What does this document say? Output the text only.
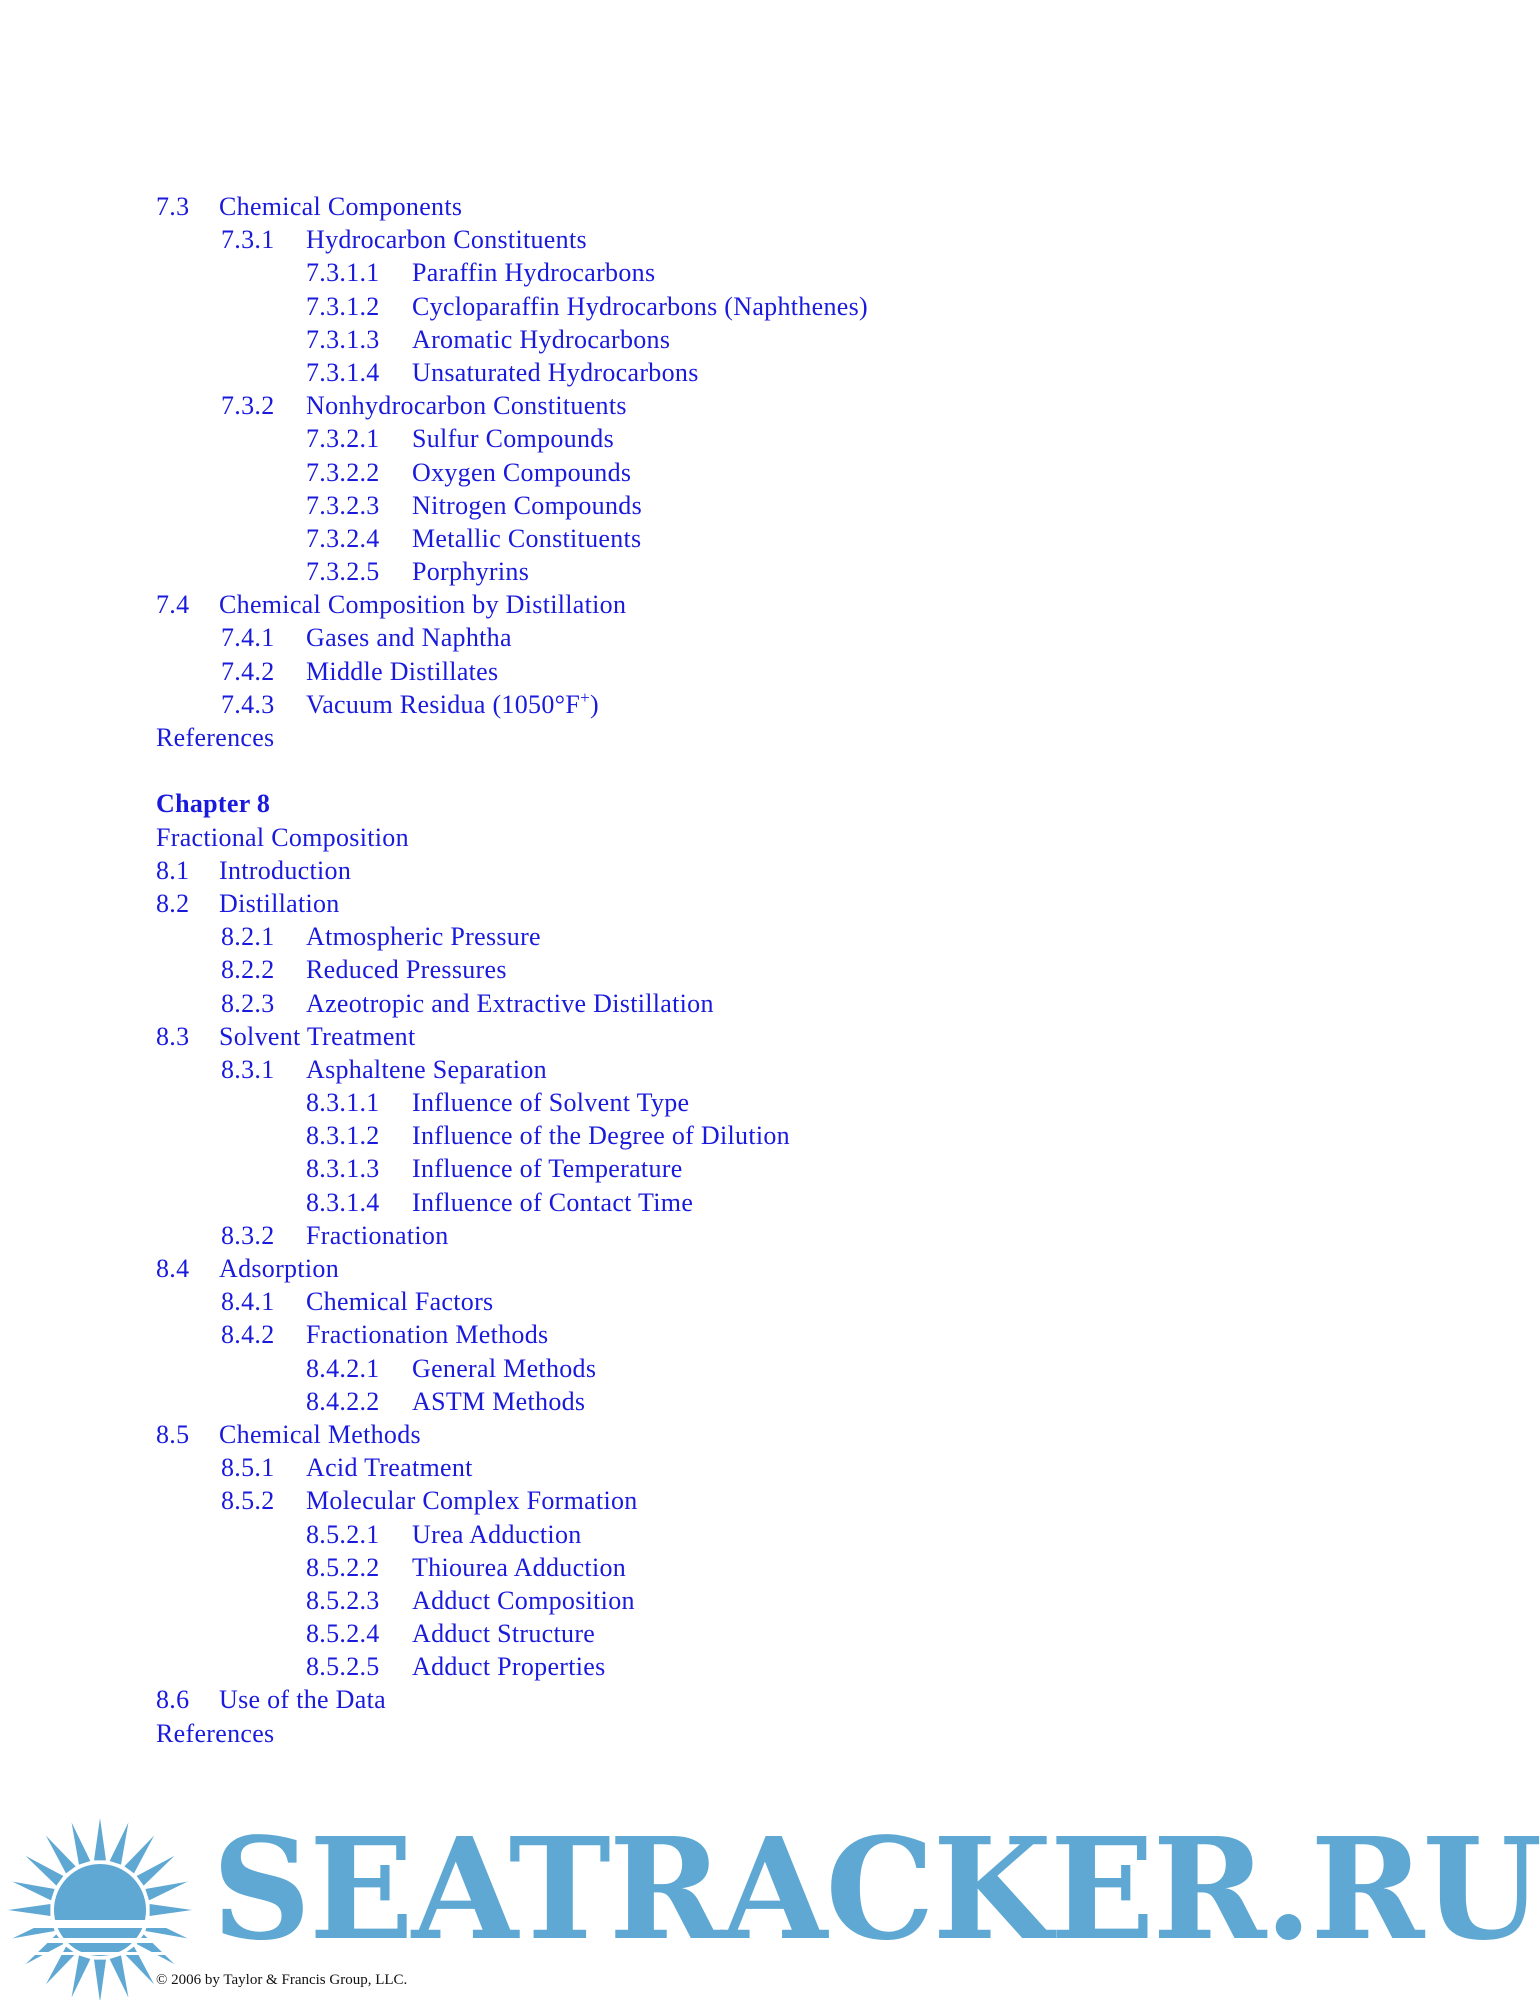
7.3 Chemical Components
7.3.1 Hydrocarbon Constituents
7.3.1.1 Paraffin Hydrocarbons
7.3.1.2 Cycloparaffin Hydrocarbons (Naphthenes)
7.3.1.3 Aromatic Hydrocarbons
7.3.1.4 Unsaturated Hydrocarbons
7.3.2 Nonhydrocarbon Constituents
7.3.2.1 Sulfur Compounds
7.3.2.2 Oxygen Compounds
7.3.2.3 Nitrogen Compounds
7.3.2.4 Metallic Constituents
7.3.2.5 Porphyrins
7.4 Chemical Composition by Distillation
7.4.1 Gases and Naphtha
7.4.2 Middle Distillates
7.4.3 Vacuum Residua (1050°F+)
References
Chapter 8
Fractional Composition
8.1 Introduction
8.2 Distillation
8.2.1 Atmospheric Pressure
8.2.2 Reduced Pressures
8.2.3 Azeotropic and Extractive Distillation
8.3 Solvent Treatment
8.3.1 Asphaltene Separation
8.3.1.1 Influence of Solvent Type
8.3.1.2 Influence of the Degree of Dilution
8.3.1.3 Influence of Temperature
8.3.1.4 Influence of Contact Time
8.3.2 Fractionation
8.4 Adsorption
8.4.1 Chemical Factors
8.4.2 Fractionation Methods
8.4.2.1 General Methods
8.4.2.2 ASTM Methods
8.5 Chemical Methods
8.5.1 Acid Treatment
8.5.2 Molecular Complex Formation
8.5.2.1 Urea Adduction
8.5.2.2 Thiourea Adduction
8.5.2.3 Adduct Composition
8.5.2.4 Adduct Structure
8.5.2.5 Adduct Properties
8.6 Use of the Data
References
SEATRACKER.RU
© 2006 by Taylor & Francis Group, LLC.
